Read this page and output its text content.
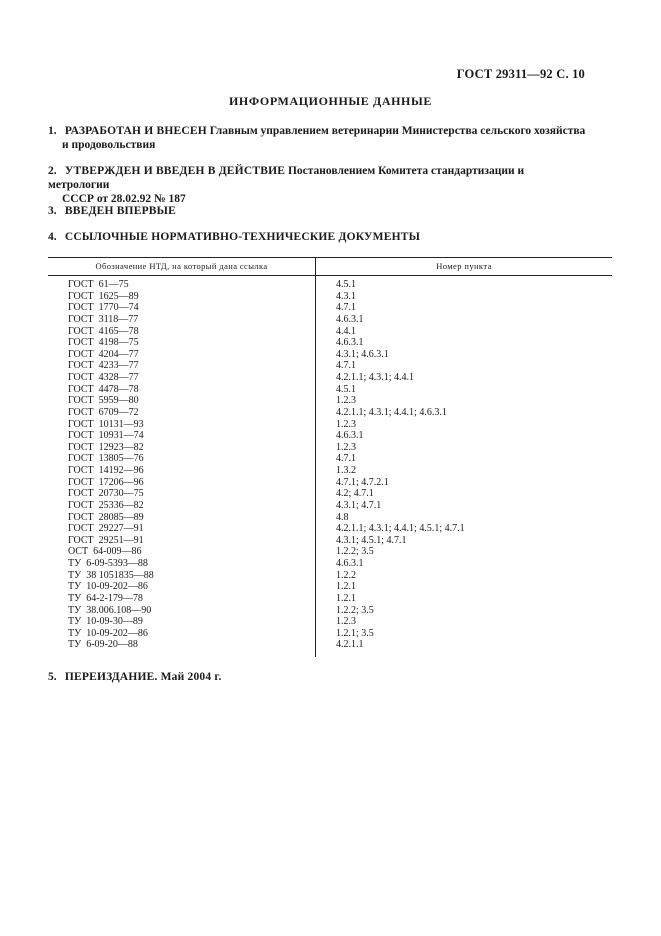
ГОСТ 29311—92 С. 10
ИНФОРМАЦИОННЫЕ ДАННЫЕ
1. РАЗРАБОТАН И ВНЕСЕН Главным управлением ветеринарии Министерства сельского хозяйства
и продовольствия
2. УТВЕРЖДЕН И ВВЕДЕН В ДЕЙСТВИЕ Постановлением Комитета стандартизации и метрологии
СССР от 28.02.92 № 187
3. ВВЕДЕН ВПЕРВЫЕ
4. ССЫЛОЧНЫЕ НОРМАТИВНО-ТЕХНИЧЕСКИЕ ДОКУМЕНТЫ
Обозначение НТД, на который дана ссылка	Номер пункта
ГОСТ  61—75	4.5.1
ГОСТ  1625—89	4.3.1
ГОСТ  1770—74	4.7.1
ГОСТ  3118—77	4.6.3.1
ГОСТ  4165—78	4.4.1
ГОСТ  4198—75	4.6.3.1
ГОСТ  4204—77	4.3.1; 4.6.3.1
ГОСТ  4233—77	4.7.1
ГОСТ  4328—77	4.2.1.1; 4.3.1; 4.4.1
ГОСТ  4478—78	4.5.1
ГОСТ  5959—80	1.2.3
ГОСТ  6709—72	4.2.1.1; 4.3.1; 4.4.1; 4.6.3.1
ГОСТ  10131—93	1.2.3
ГОСТ  10931—74	4.6.3.1
ГОСТ  12923—82	1.2.3
ГОСТ  13805—76	4.7.1
ГОСТ  14192—96	1.3.2
ГОСТ  17206—96	4.7.1; 4.7.2.1
ГОСТ  20730—75	4.2; 4.7.1
ГОСТ  25336—82	4.3.1; 4.7.1
ГОСТ  28085—89	4.8
ГОСТ  29227—91	4.2.1.1; 4.3.1; 4.4.1; 4.5.1; 4.7.1
ГОСТ  29251—91	4.3.1; 4.5.1; 4.7.1
ОСТ  64-009—86	1.2.2; 3.5
ТУ  6-09-5393—88	4.6.3.1
ТУ  38 1051835—88	1.2.2
ТУ  10-09-202—86	1.2.1
ТУ  64-2-179—78	1.2.1
ТУ  38.006.108—90	1.2.2; 3.5
ТУ  10-09-30—89	1.2.3
ТУ  10-09-202—86	1.2.1; 3.5
ТУ  6-09-20—88	4.2.1.1
5. ПЕРЕИЗДАНИЕ. Май 2004 г.
